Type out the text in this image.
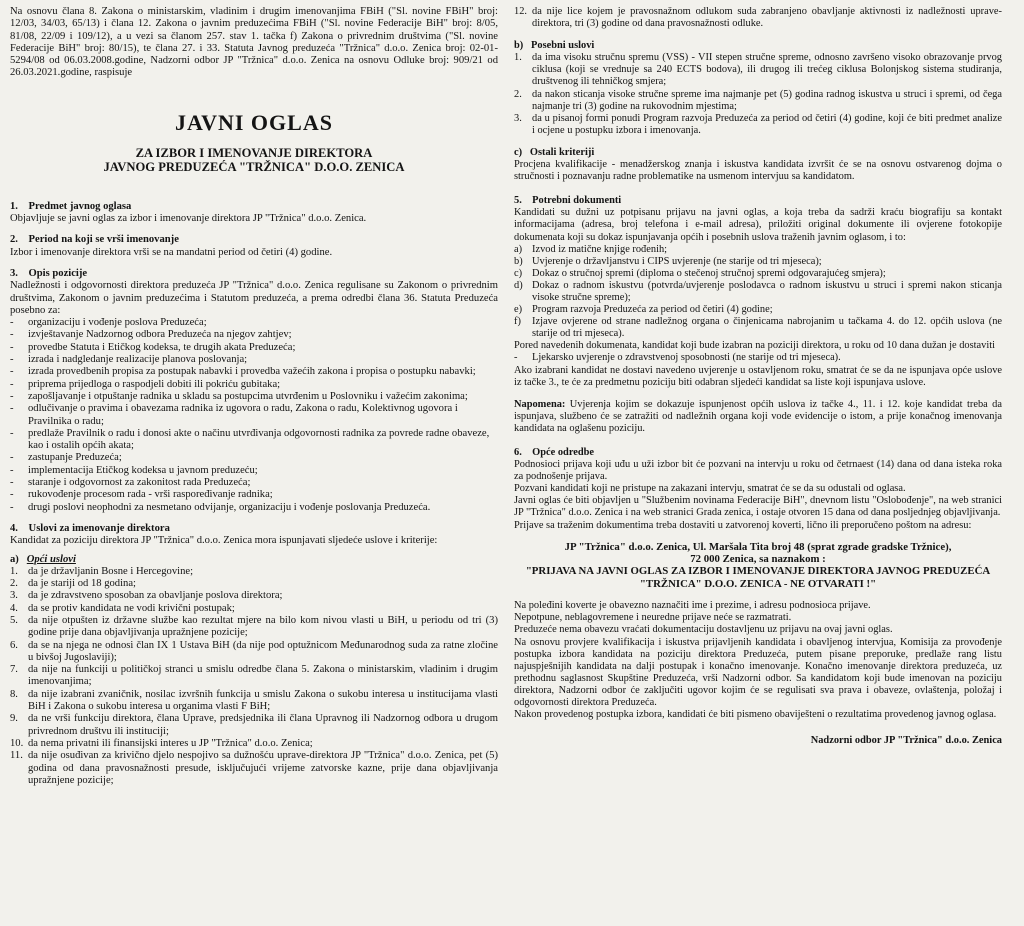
Na osnovu člana 8. Zakona o ministarskim, vladinim i drugim imenovanjima FBiH ("Sl. novine FBiH" broj: 12/03, 34/03, 65/13) i člana 12. Zakona o javnim preduzećima FBiH ("Sl. novine Federacije BiH" broj: 8/05, 81/08, 22/09 i 109/12), a u vezi sa članom 257. stav 1. tačka f) Zakona o privrednim društvima ("Sl. novine Federacije BiH" broj: 80/15), te člana 27. i 33. Statuta Javnog preduzeća "Tržnica" d.o.o. Zenica broj: 02-01-5294/08 od 06.03.2008.godine, Nadzorni odbor JP "Tržnica" d.o.o. Zenica na osnovu Odluke broj: 909/21 od 26.03.2021.godine, raspisuje

JAVNI OGLAS
ZA IZBOR I IMENOVANJE DIREKTORA
JAVNOG PREDUZEĆA "TRŽNICA" D.O.O. ZENICA

1.    Predmet javnog oglasa

Objavljuje se javni oglas za izbor i imenovanje direktora JP "Tržnica" d.o.o. Zenica.

2.    Period na koji se vrši imenovanje

Izbor i imenovanje direktora vrši se na mandatni period od četiri (4) godine.

3.    Opis pozicije

Nadležnosti i odgovornosti direktora preduzeća JP "Tržnica" d.o.o. Zenica regulisane su Zakonom o privrednim društvima, Zakonom o javnim preduzećima i Statutom preduzeća, a prema odredbi člana 36. Statuta Preduzeća posebno za:

- organizaciju i vođenje poslova Preduzeća;
- izvještavanje Nadzornog odbora Preduzeća na njegov zahtjev;
- provedbe Statuta i Etičkog kodeksa, te drugih akata Preduzeća;
- izrada i nadgledanje realizacije planova poslovanja;
- izrada provedbenih propisa za postupak nabavki i provedba važećih zakona i propisa o postupku nabavki;
- priprema prijedloga o raspodjeli dobiti ili pokriću gubitaka;
- zapošljavanje i otpuštanje radnika u skladu sa postupcima utvrđenim u Poslovniku i važećim zakonima;
- odlučivanje o pravima i obavezama radnika iz ugovora o radu, Zakona o radu, Kolektivnog ugovora i Pravilnika o radu;
- predlaže Pravilnik o radu i donosi akte o načinu utvrđivanja odgovornosti radnika za povrede radne obaveze, kao i ostalih općih akata;
- zastupanje Preduzeća;
- implementacija Etičkog kodeksa u javnom preduzeću;
- staranje i odgovornost za zakonitost rada Preduzeća;
- rukovođenje procesom rada - vrši raspoređivanje radnika;
- drugi poslovi neophodni za nesmetano odvijanje, organizaciju i vođenje poslovanja Preduzeća.

4.    Uslovi za imenovanje direktora

Kandidat za poziciju direktora JP "Tržnica" d.o.o. Zenica mora ispunjavati sljedeće uslove i kriterije:

a) Opći uslovi

1. da je državljanin Bosne i Hercegovine;
2. da je stariji od 18 godina;
3. da je zdravstveno sposoban za obavljanje poslova direktora;
4. da se protiv kandidata ne vodi krivični postupak;
5. da nije otpušten iz državne službe kao rezultat mjere na bilo kom nivou vlasti u BiH, u periodu od tri (3) godine prije dana objavljivanja upražnjene pozicije;
6. da se na njega ne odnosi član IX 1 Ustava BiH (da nije pod optužnicom Međunarodnog suda za ratne zločine u bivšoj Jugoslaviji);
7. da nije na funkciji u političkoj stranci u smislu odredbe člana 5. Zakona o ministarskim, vladinim i drugim imenovanjima;
8. da nije izabrani zvaničnik, nosilac izvršnih funkcija u smislu Zakona o sukobu interesa u institucijama vlasti BiH i Zakona o sukobu interesa u organima vlasti F BiH;
9. da ne vrši funkciju direktora, člana Uprave, predsjednika ili člana Upravnog ili Nadzornog odbora u drugom privrednom društvu ili instituciji;
10. da nema privatni ili finansijski interes u JP "Tržnica" d.o.o. Zenica;
11. da nije osuđivan za krivično djelo nespojivo sa dužnošću uprave-direktora JP "Tržnica" d.o.o. Zenica, pet (5) godina od dana pravosnažnosti presude, isključujući vrijeme zatvorske kazne, prije dana objavljivanja upražnjene pozicije;
12. da nije lice kojem je pravosnažnom odlukom suda zabranjeno obavljanje aktivnosti iz nadležnosti uprave-direktora, tri (3) godine od dana pravosnažnosti odluke.

b) Posebni uslovi

1. da ima visoku stručnu spremu (VSS) - VII stepen stručne spreme, odnosno završeno visoko obrazovanje prvog ciklusa (koji se vrednuje sa 240 ECTS bodova), ili drugog ili trećeg ciklusa Bolonjskog sistema studiranja, društvenog ili tehničkog smjera;
2. da nakon sticanja visoke stručne spreme ima najmanje pet (5) godina radnog iskustva u struci i spremi, od čega najmanje tri (3) godine na rukovodnim mjestima;
3. da u pisanoj formi ponudi Program razvoja Preduzeća za period od četiri (4) godine, koji će biti predmet analize i ocjene u postupku izbora i imenovanja.

c) Ostali kriteriji

Procjena kvalifikacije - menadžerskog znanja i iskustva kandidata izvršit će se na osnovu ostvarenog dojma o stručnosti i poznavanju radne problematike na usmenom intervjuu sa kandidatom.

5.    Potrebni dokumenti

Kandidati su dužni uz potpisanu prijavu na javni oglas, a koja treba da sadrži kraću biografiju sa kontakt informacijama (adresa, broj telefona i e-mail adresa), priložiti original dokumente ili ovjerene fotokopije dokumenata koji su dokaz ispunjavanja općih i posebnih uslova traženih javnim oglasom, i to:

a) Izvod iz matične knjige rođenih;
b) Uvjerenje o državljanstvu i CIPS uvjerenje (ne starije od tri mjeseca);
c) Dokaz o stručnoj spremi (diploma o stečenoj stručnoj spremi odgovarajućeg smjera);
d) Dokaz o radnom iskustvu (potvrda/uvjerenje poslodavca o radnom iskustvu u struci i spremi nakon sticanja visoke stručne spreme);
e) Program razvoja Preduzeća za period od četiri (4) godine;
f)	Izjave ovjerene od strane nadležnog organa o činjenicama nabrojanim u tačkama 4. do 12. općih uslova (ne starije od tri mjeseca).

Pored navedenih dokumenata, kandidat koji bude izabran na poziciji direktora, u roku od 10 dana dužan je dostaviti

- Ljekarsko uvjerenje o zdravstvenoj sposobnosti (ne starije od tri mjeseca).

Ako izabrani kandidat ne dostavi navedeno uvjerenje u ostavljenom roku, smatrat će se da ne ispunjava opće uslove iz tačke 3., te će za predmetnu poziciju biti odabran sljedeći kandidat sa liste koji ispunjava uslove.

Napomena: Uvjerenja kojim se dokazuje ispunjenost općih uslova iz tačke 4., 11. i 12. koje kandidat treba da ispunjava, službeno će se zatražiti od nadležnih organa koji vode evidencije o istom, a prije konačnog imenovanja kandidata na oglašenu poziciju.

6.    Opće odredbe

Podnosioci prijava koji uđu u uži izbor bit će pozvani na intervju u roku od četrnaest (14) dana od dana isteka roka za podnošenje prijava.

Pozvani kandidati koji ne pristupe na zakazani intervju, smatrat će se da su odustali od oglasa.

Javni oglas će biti objavljen u "Službenim novinama Federacije BiH", dnevnom listu "Oslobođenje", na web stranici JP "Tržnica" d.o.o. Zenica i na web stranici Grada zenica, i ostaje otvoren 15 dana od dana posljednjeg objavljivanja.

Prijave sa traženim dokumentima treba dostaviti u zatvorenoj koverti, lično ili preporučeno poštom na adresu:

JP "Tržnica" d.o.o. Zenica, Ul. Maršala Tita broj 48 (sprat zgrade gradske Tržnice),
72 000 Zenica, sa naznakom :
"PRIJAVA NA JAVNI OGLAS ZA IZBOR I IMENOVANJE DIREKTORA JAVNOG PREDUZEĆA "TRŽNICA" D.O.O. ZENICA - NE OTVARATI !"

Na poleđini koverte je obavezno naznačiti ime i prezime, i adresu podnosioca prijave.

Nepotpune, neblagovremene i neuredne prijave neće se razmatrati.

Preduzeće nema obavezu vraćati dokumentaciju dostavljenu uz prijavu na ovaj javni oglas.

Na osnovu provjere kvalifikacija i iskustva prijavljenih kandidata i obavljenog intervjua, Komisija za provođenje postupka izbora kandidata na poziciju direktora Preduzeća, putem pisane preporuke, predlaže rang listu najuspješnijih kandidata na dalji postupak i konačno imenovanje. Konačno imenovanje direktora preduzeća, uz prethodnu saglasnost Skupštine Preduzeća, vrši Nadzorni odbor. Sa kandidatom koji bude imenovan na poziciju direktora, Nadzorni odbor će zaključiti ugovor kojim će se regulisati sva prava i obaveze, ovlaštenja, položaj i odgovornosti direktora Preduzeća.

Nakon provedenog postupka izbora, kandidati će biti pismeno obaviješteni o rezultatima provedenog javnog oglasa.

Nadzorni odbor JP "Tržnica" d.o.o. Zenica
